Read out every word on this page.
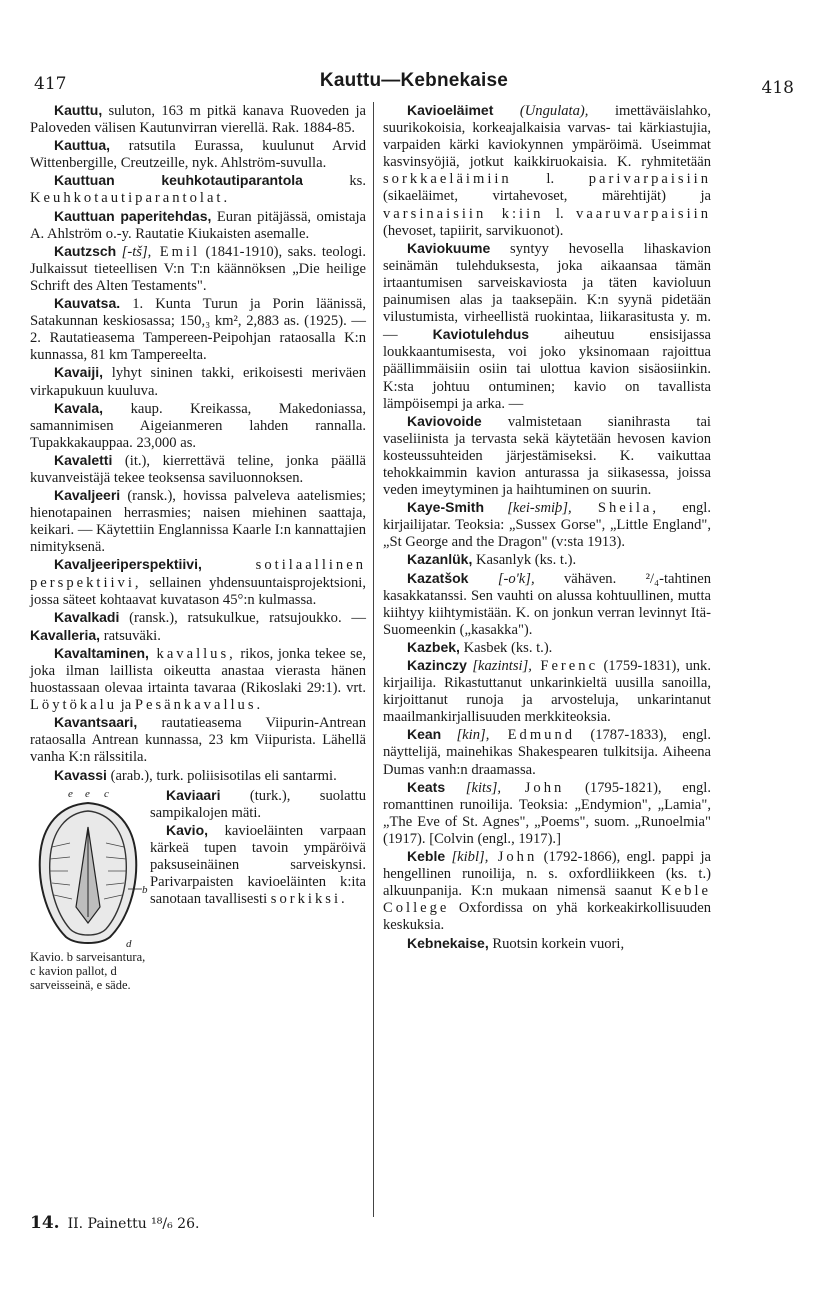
417	Kauttu—Kebnekaise	418

Kauttu, suluton, 163 m pitkä kanava Ruoveden ja Paloveden välisen Kautunvirran vierellä. Rak. 1884-85.

Kauttua, ratsutila Eurassa, kuulunut Arvid Wittenbergille, Creutzeille, nyk. Ahlström-suvulla.

Kauttuan keuhkotautiparantola ks. Keuhkotautiparantolat.

Kauttuan paperitehdas, Euran pitäjässä, omistaja A. Ahlström o.-y. Rautatie Kiukaisten asemalle.

Kautzsch [-tš], Emil (1841-1910), saks. teologi. Julkaissut tieteellisen V:n T:n käännöksen „Die heilige Schrift des Alten Testaments".

Kauvatsa. 1. Kunta Turun ja Porin läänissä, Satakunnan keskiosassa; 150,₃ km², 2,883 as. (1925). — 2. Rautatieasema Tampereen-Peipohjan rataosalla K:n kunnassa, 81 km Tampereelta.

Kavaiji, lyhyt sininen takki, erikoisesti meriväen virkapukuun kuuluva.

Kavala, kaup. Kreikassa, Makedoniassa, samannimisen Aigeianmeren lahden rannalla. Tupakkakauppaa. 23,000 as.

Kavaletti (it.), kierrettävä teline, jonka päällä kuvanveistäjä tekee teoksensa saviluonnoksen.

Kavaljeeri (ransk.), hovissa palveleva aatelismies; hienotapainen herrasmies; naisen miehinen saattaja, keikari. — Käytettiin Englannissa Kaarle I:n kannattajien nimityksenä.

Kavaljeeriperspektiivi, sotilaallinen perspektiivi, sellainen yhdensuuntaisprojektsioni, jossa säteet kohtaavat kuvatason 45°:n kulmassa.

Kavalkadi (ransk.), ratsukulkue, ratsujoukko. — Kavalleria, ratsuväki.

Kavaltaminen, kavallus, rikos, jonka tekee se, joka ilman laillista oikeutta anastaa vierasta hänen huostassaan olevaa irtainta tavaraa (Rikoslaki 29:1). vrt. Löytökalu ja Pesänkavallus.

Kavantsaari, rautatieasema Viipurin-Antrean rataosalla Antrean kunnassa, 23 km Viipurista. Lähellä vanha K:n rälssitila.

Kavassi (arab.), turk. poliisisotilas eli santarmi.

e e c
b
d
Kavio. b sarveisantura, c kavion pallot, d sarveisseinä, e säde.

Kaviaari (turk.), suolattu sampikalojen mäti.

Kavio, kavioeläinten varpaan kärkeä tupen tavoin ympäröivä paksuseinäinen sarveiskynsi. Parivarpaisten kavioeläinten k:ita sanotaan tavallisesti sorkiksi.

Kavioeläimet (Ungulata), imettäväislahko, suurikokoisia, korkeajalkaisia varvas- tai kärkiastujia, varpaiden kärki kaviokynnen ympäröimä. Useimmat kasvinsyöjiä, jotkut kaikkiruokaisia. K. ryhmitetään sorkkaeläimiin l. parivarpaisiin (sikaeläimet, virtahevoset, märehtijät) ja varsinaisiin k:iin l. vaaruvarpaisiin (hevoset, tapiirit, sarvikuonot).

Kaviokuume syntyy hevosella lihaskavion seinämän tulehduksesta, joka aikaansaa tämän irtaantumisen sarveiskaviosta ja täten kavioluun painumisen alas ja taaksepäin. K:n syynä pidetään vilustumista, virheellistä ruokintaa, liikarasitusta y. m. — Kaviotulehdus aiheutuu ensisijassa loukkaantumisesta, voi joko yksinomaan rajoittua päällimmäisiin osiin tai ulottua kavion sisäosiinkin. K:sta johtuu ontuminen; kavio on tavallista lämpöisempi ja arka. —

Kaviovoide valmistetaan sianihrasta tai vaseliinista ja tervasta sekä käytetään hevosen kavion kosteussuhteiden järjestämiseksi. K. vaikuttaa tehokkaimmin kavion anturassa ja siikasessa, joissa veden imeytyminen ja haihtuminen on suurin.

Kaye-Smith [kei-smiþ], Sheila, engl. kirjailijatar. Teoksia: „Sussex Gorse", „Little England", „St George and the Dragon" (v:sta 1913).

Kazanlük, Kasanlyk (ks. t.).

Kazatšok [-o'k], vähäven. ²/₄-tahtinen kasakkatanssi. Sen vauhti on alussa kohtuullinen, mutta kiihtyy kiihtymistään. K. on jonkun verran levinnyt Itä-Suomeenkin („kasakka").

Kazbek, Kasbek (ks. t.).

Kazinczy [kazintsi], Ferenc (1759-1831), unk. kirjailija. Rikastuttanut unkarinkieltä uusilla sanoilla, kirjoittanut runoja ja arvosteluja, unkarintanut maailmankirjallisuuden merkkiteoksia.

Kean [kin], Edmund (1787-1833), engl. näyttelijä, mainehikas Shakespearen tulkitsija. Aiheena Dumas vanh:n draamassa.

Keats [kits], John (1795-1821), engl. romanttinen runoilija. Teoksia: „Endymion", „Lamia", „The Eve of St. Agnes", „Poems", suom. „Runoelmia" (1917). [Colvin (engl., 1917).]

Keble [kibl], John (1792-1866), engl. pappi ja hengellinen runoilija, n. s. oxfordliikkeen (ks. t.) alkuunpanija. K:n mukaan nimensä saanut Keble College Oxfordissa on yhä korkeakirkollisuuden keskuksia.

Kebnekaise, Ruotsin korkein vuori,

14. II. Painettu ¹⁸/₆ 26.
